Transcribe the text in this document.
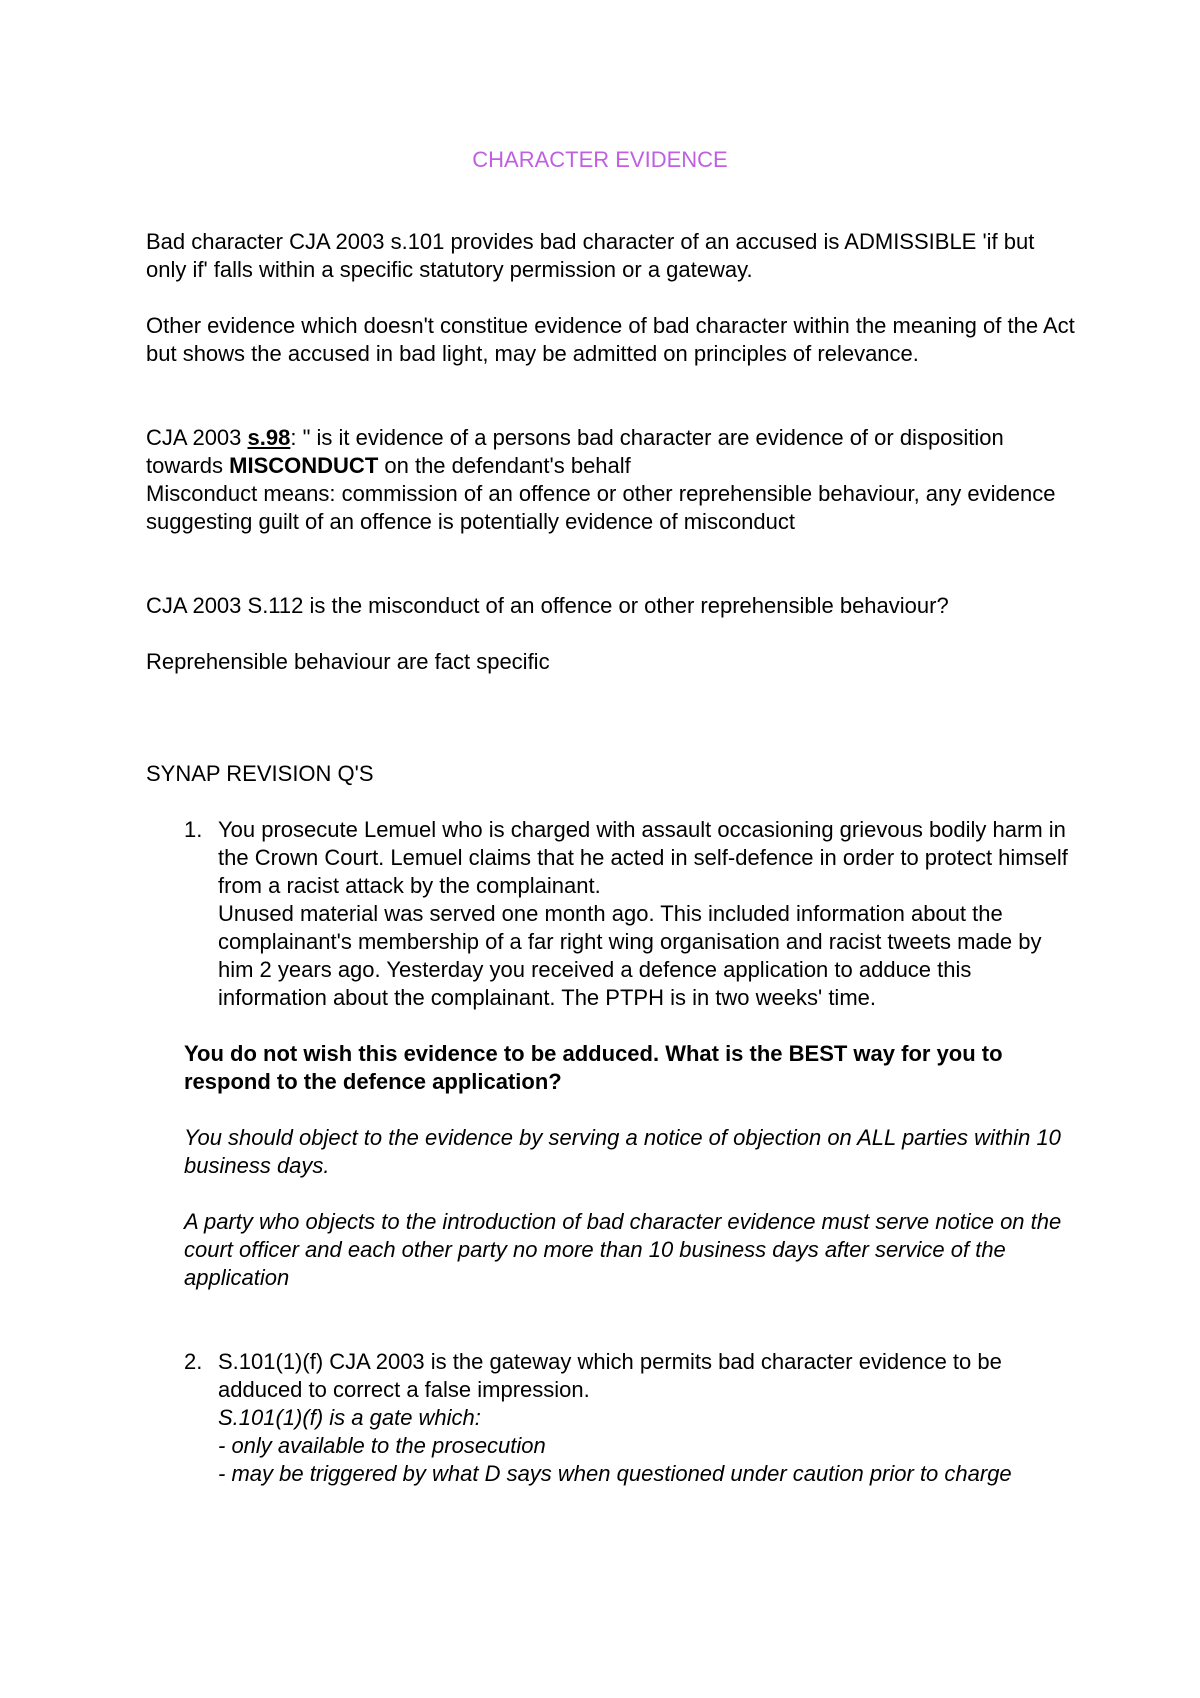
CHARACTER EVIDENCE

Bad character CJA 2003 s.101 provides bad character of an accused is ADMISSIBLE 'if but only if' falls within a specific statutory permission or a gateway.

Other evidence which doesn't constitue evidence of bad character within the meaning of the Act but shows the accused in bad light, may be admitted on principles of relevance.

CJA 2003 s.98: " is it evidence of a persons bad character are evidence of or disposition towards MISCONDUCT on the defendant's behalf

Misconduct means: commission of an offence or other reprehensible behaviour, any evidence suggesting guilt of an offence is potentially evidence of misconduct

CJA 2003 S.112 is the misconduct of an offence or other reprehensible behaviour?

Reprehensible behaviour are fact specific

SYNAP REVISION Q'S

1. You prosecute Lemuel who is charged with assault occasioning grievous bodily harm in the Crown Court. Lemuel claims that he acted in self-defence in order to protect himself from a racist attack by the complainant.

Unused material was served one month ago. This included information about the complainant's membership of a far right wing organisation and racist tweets made by him 2 years ago. Yesterday you received a defence application to adduce this information about the complainant. The PTPH is in two weeks' time.

You do not wish this evidence to be adduced. What is the BEST way for you to respond to the defence application?

You should object to the evidence by serving a notice of objection on ALL parties within 10 business days.

A party who objects to the introduction of bad character evidence must serve notice on the court officer and each other party no more than 10 business days after service of the application

2. S.101(1)(f) CJA 2003 is the gateway which permits bad character evidence to be adduced to correct a false impression.

S.101(1)(f) is a gate which:

- only available to the prosecution

- may be triggered by what D says when questioned under caution prior to charge
